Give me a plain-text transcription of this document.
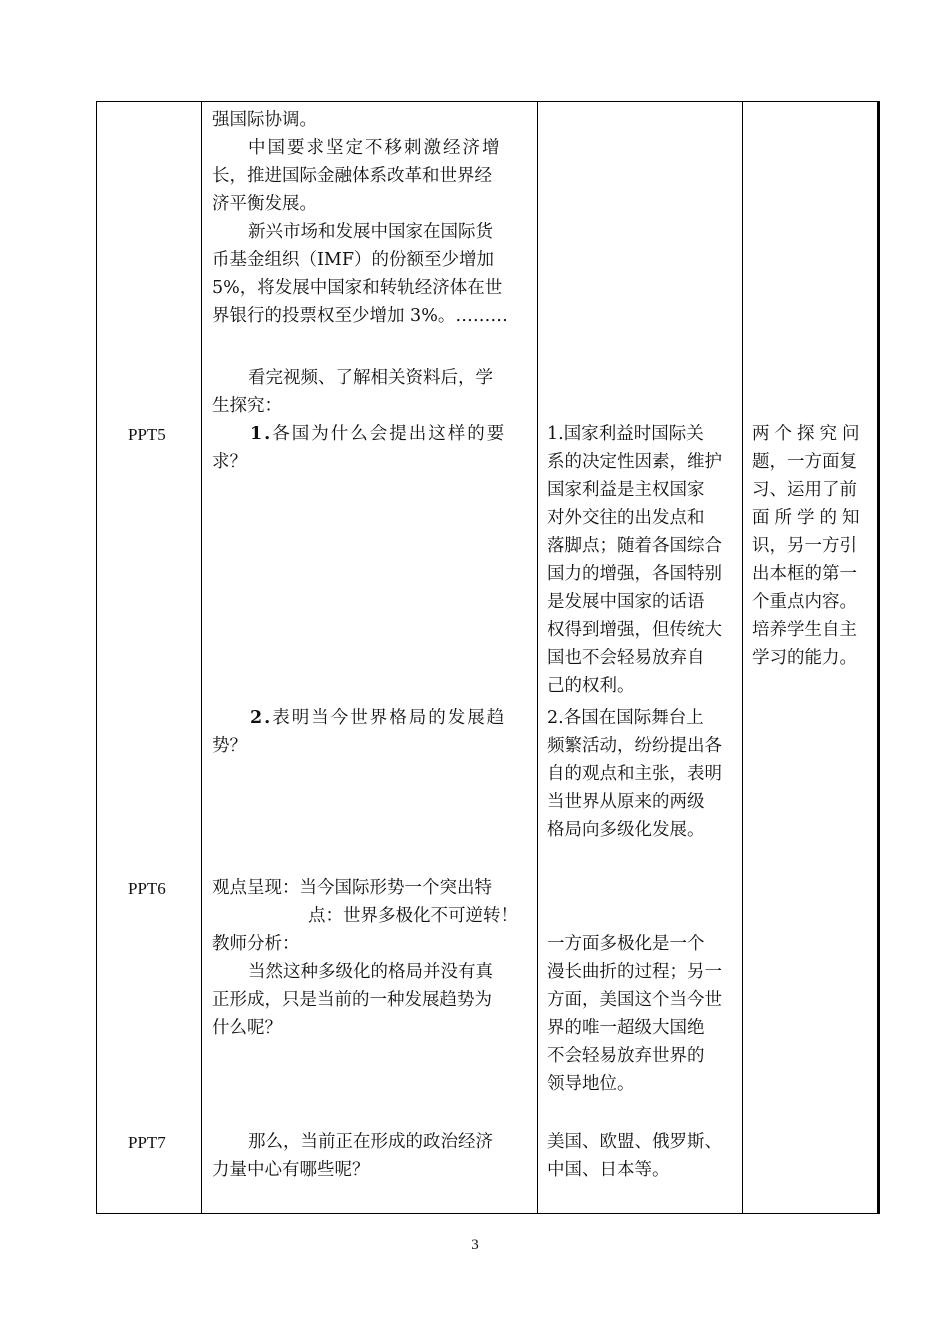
PPT5
PPT6
PPT7
强国际协调。
中国要求坚定不移刺激经济增
长，推进国际金融体系改革和世界经
济平衡发展。
新兴市场和发展中国家在国际货
币基金组织（IMF）的份额至少增加
5%，将发展中国家和转轨经济体在世
界银行的投票权至少增加 3%。………
看完视频、了解相关资料后，学
生探究：
1.各国为什么会提出这样的要
求？
2.表明当今世界格局的发展趋
势？
观点呈现：当今国际形势一个突出特
点：世界多极化不可逆转！
教师分析：
当然这种多级化的格局并没有真
正形成，只是当前的一种发展趋势为
什么呢？
那么，当前正在形成的政治经济
力量中心有哪些呢？
1.国家利益时国际关
系的决定性因素，维护
国家利益是主权国家
对外交往的出发点和
落脚点；随着各国综合
国力的增强，各国特别
是发展中国家的话语
权得到增强，但传统大
国也不会轻易放弃自
己的权利。
2.各国在国际舞台上
频繁活动，纷纷提出各
自的观点和主张，表明
当世界从原来的两级
格局向多级化发展。
一方面多极化是一个
漫长曲折的过程；另一
方面，美国这个当今世
界的唯一超级大国绝
不会轻易放弃世界的
领导地位。
美国、欧盟、俄罗斯、
中国、日本等。
两个探究问
题，一方面复
习、运用了前
面所学的知
识，另一方引
出本框的第一
个重点内容。
培养学生自主
学习的能力。
3
